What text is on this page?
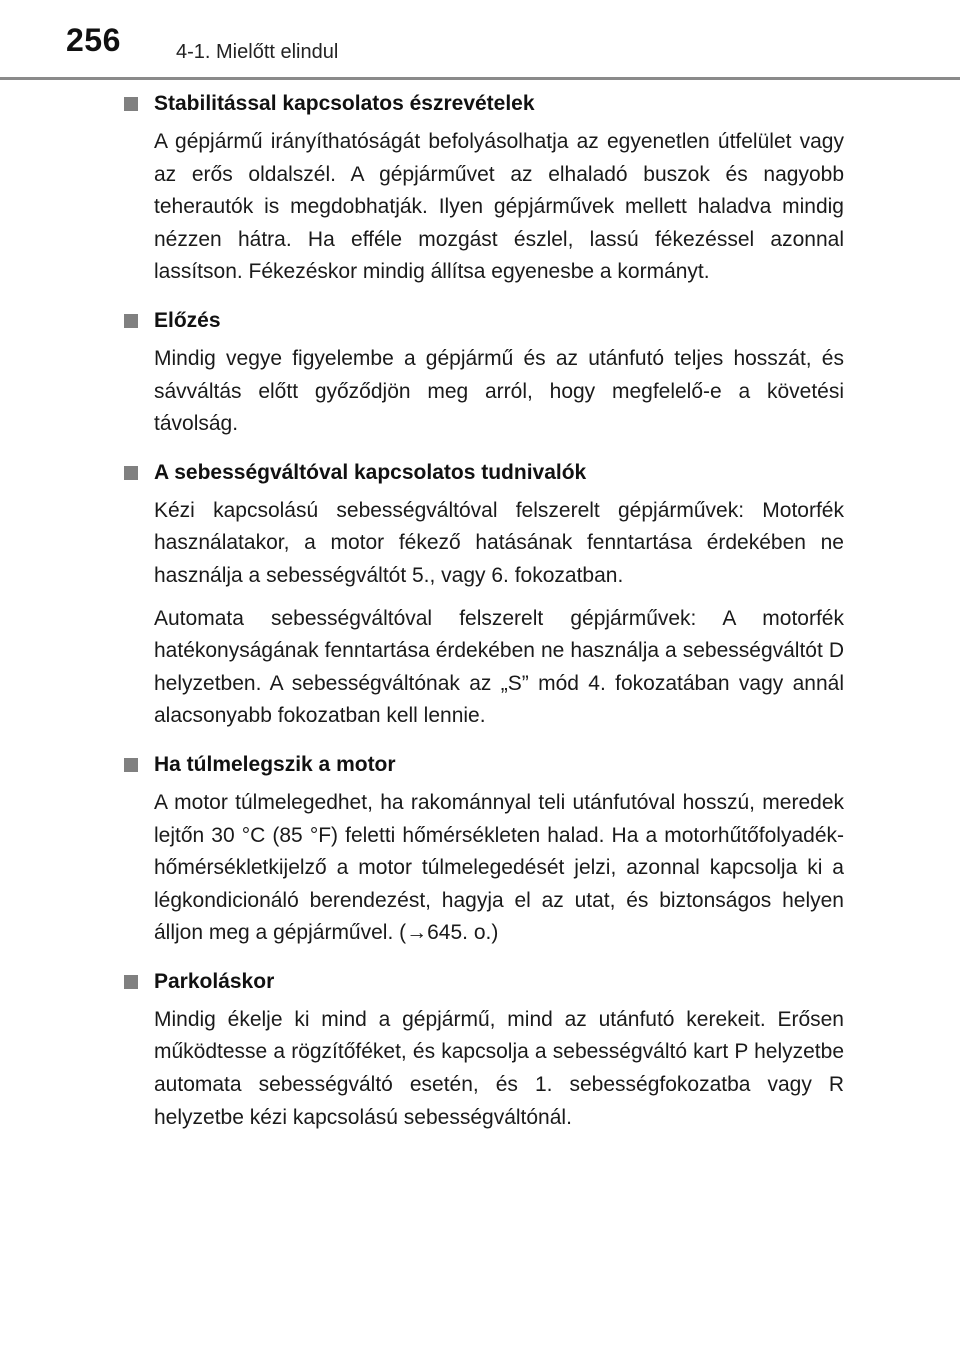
256	4-1. Mielőtt elindul
Stabilitással kapcsolatos észrevételek

A gépjármű irányíthatóságát befolyásolhatja az egyenetlen útfelület vagy az erős oldalszél. A gépjárművet az elhaladó buszok és nagyobb teherautók is megdobhatják. Ilyen gépjárművek mellett haladva mindig nézzen hátra. Ha efféle mozgást észlel, lassú fékezéssel azonnal lassítson. Fékezéskor mindig állítsa egyenesbe a kormányt.

Előzés

Mindig vegye figyelembe a gépjármű és az utánfutó teljes hosszát, és sávváltás előtt győződjön meg arról, hogy megfelelő-e a követési távolság.

A sebességváltóval kapcsolatos tudnivalók

Kézi kapcsolású sebességváltóval felszerelt gépjárművek: Motorfék használatakor, a motor fékező hatásának fenntartása érdekében ne használja a sebességváltót 5., vagy 6. fokozatban.

Automata sebességváltóval felszerelt gépjárművek: A motorfék hatékonyságának fenntartása érdekében ne használja a sebességváltót D helyzetben. A sebességváltónak az „S” mód 4. fokozatában vagy annál alacsonyabb fokozatban kell lennie.

Ha túlmelegszik a motor

A motor túlmelegedhet, ha rakománnyal teli utánfutóval hosszú, meredek lejtőn 30 °C (85 °F) feletti hőmérsékleten halad. Ha a motorhűtőfolyadék-hőmérsékletkijelző a motor túlmelegedését jelzi, azonnal kapcsolja ki a légkondicionáló berendezést, hagyja el az utat, és biztonságos helyen álljon meg a gépjárművel. (→645. o.)

Parkoláskor

Mindig ékelje ki mind a gépjármű, mind az utánfutó kerekeit. Erősen működtesse a rögzítőféket, és kapcsolja a sebességváltó kart P helyzetbe automata sebességváltó esetén, és 1. sebességfokozatba vagy R helyzetbe kézi kapcsolású sebességváltónál.
